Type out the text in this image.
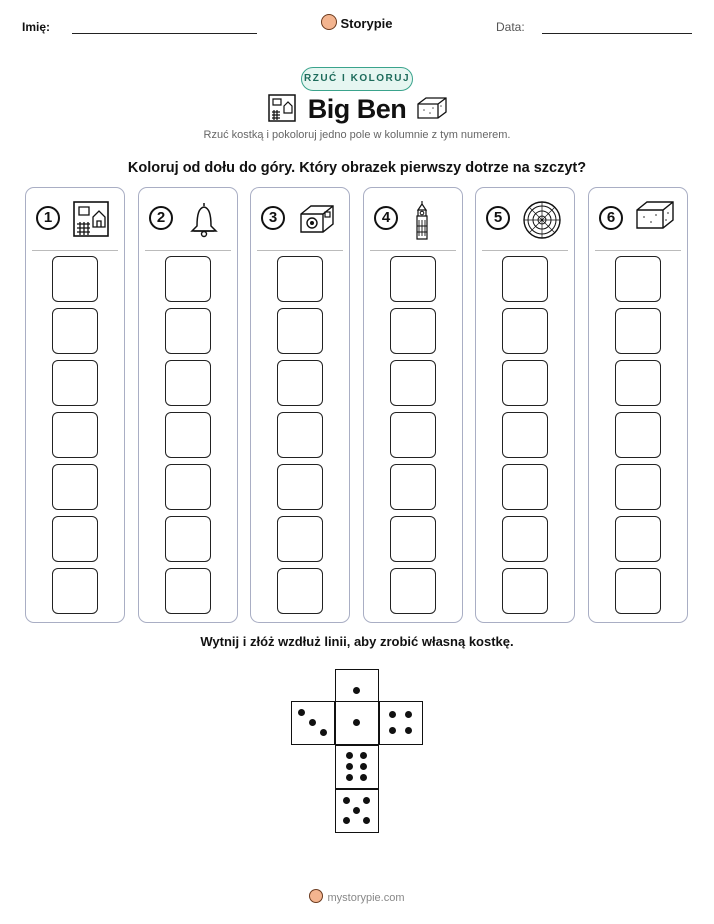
Imię:	Storypie	Data:
RZUĆ I KOLORUJ
Big Ben
Rzuć kostką i pokoloruj jedno pole w kolumnie z tym numerem.
Koloruj od dołu do góry. Który obrazek pierwszy dotrze na szczyt?
1	2	3	4	5	6
Wytnij i złóż wzdłuż linii, aby zrobić własną kostkę.
mystorypie.com
